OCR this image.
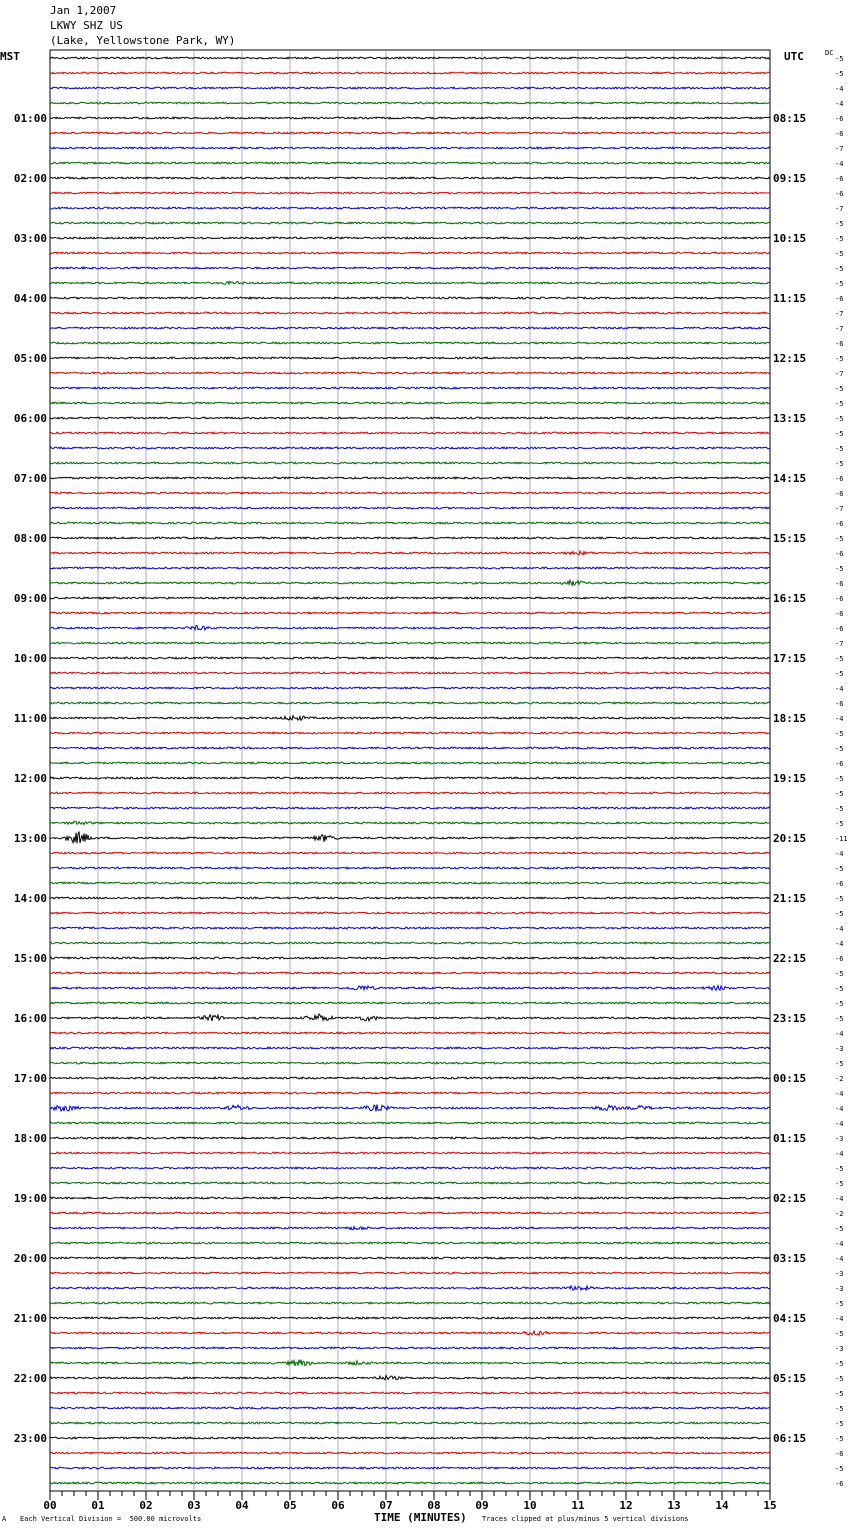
-5
-5
-4
-4
-6
-6
-7
-4
-6
-6
-7
-5
-5
-5
-5
-5
-6
-7
-7
-6
-5
-7
-5
-5
-5
-5
-5
-5
-6
-6
-7
-6
-5
-6
-5
-6
-6
-6
-6
-7
-5
-5
-4
-6
-4
-5
-5
-6
-5
-5
-5
-5
-11
-4
-5
-6
-5
-5
-4
-4
-6
-5
-5
-5
-5
-4
-3
-5
-2
-4
-4
-4
-3
-4
-5
-5
-4
-2
-5
-4
-4
-3
-3
-5
-4
-5
-3
-5
-5
-5
-5
-5
-5
-6
-5
-6
DC
01:00
02:00
03:00
04:00
05:00
06:00
07:00
08:00
09:00
10:00
11:00
12:00
13:00
14:00
15:00
16:00
17:00
18:00
19:00
20:00
21:00
22:00
23:00
08:15
09:15
10:15
11:15
12:15
13:15
14:15
15:15
16:15
17:15
18:15
19:15
20:15
21:15
22:15
23:15
00:15
01:15
02:15
03:15
04:15
05:15
06:15
00	01	02	03	04	05	06	07	08	09	10	11	12	13	14	15
Jan 1,2007
LKWY SHZ US
(Lake, Yellowstone Park, WY)
MST	UTC
A Each Vertical Division =  500.00 microvolts	TIME (MINUTES) Traces clipped at plus/minus 5 vertical divisions
